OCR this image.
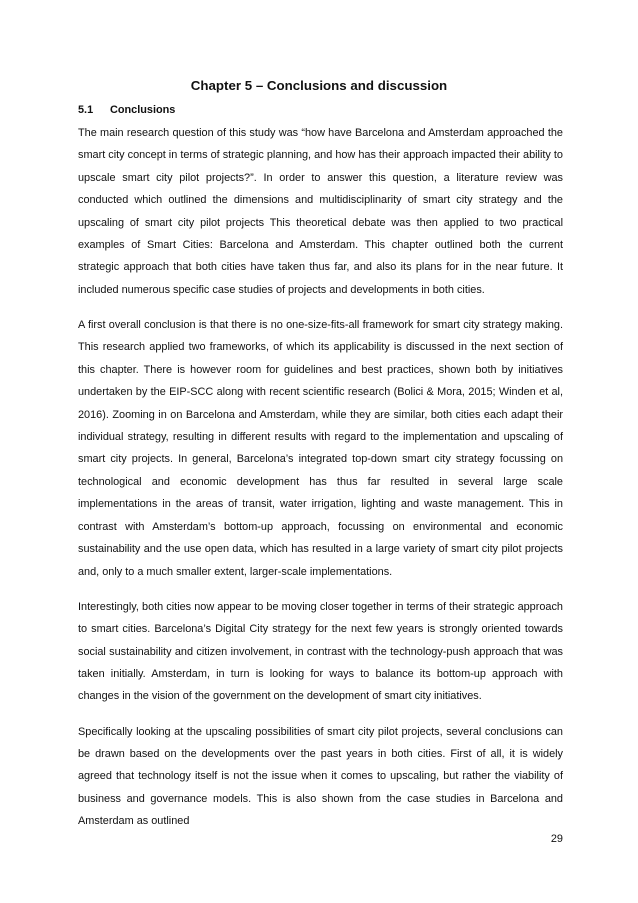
Chapter 5 – Conclusions and discussion
5.1 Conclusions

The main research question of this study was “how have Barcelona and Amsterdam approached the smart city concept in terms of strategic planning, and how has their approach impacted their ability to upscale smart city pilot projects?”. In order to answer this question, a literature review was conducted which outlined the dimensions and multidisciplinarity of smart city strategy and the upscaling of smart city pilot projects This theoretical debate was then applied to two practical examples of Smart Cities: Barcelona and Amsterdam. This chapter outlined both the current strategic approach that both cities have taken thus far, and also its plans for in the near future. It included numerous specific case studies of projects and developments in both cities.

A first overall conclusion is that there is no one-size-fits-all framework for smart city strategy making. This research applied two frameworks, of which its applicability is discussed in the next section of this chapter. There is however room for guidelines and best practices, shown both by initiatives undertaken by the EIP-SCC along with recent scientific research (Bolici & Mora, 2015; Winden et al, 2016). Zooming in on Barcelona and Amsterdam, while they are similar, both cities each adapt their individual strategy, resulting in different results with regard to the implementation and upscaling of smart city projects. In general, Barcelona’s integrated top-down smart city strategy focussing on technological and economic development has thus far resulted in several large scale implementations in the areas of transit, water irrigation, lighting and waste management. This in contrast with Amsterdam’s bottom-up approach, focussing on environmental and economic sustainability and the use open data, which has resulted in a large variety of smart city pilot projects and, only to a much smaller extent, larger-scale implementations.

Interestingly, both cities now appear to be moving closer together in terms of their strategic approach to smart cities. Barcelona’s Digital City strategy for the next few years is strongly oriented towards social sustainability and citizen involvement, in contrast with the technology-push approach that was taken initially. Amsterdam, in turn is looking for ways to balance its bottom-up approach with changes in the vision of the government on the development of smart city initiatives.

Specifically looking at the upscaling possibilities of smart city pilot projects, several conclusions can be drawn based on the developments over the past years in both cities. First of all, it is widely agreed that technology itself is not the issue when it comes to upscaling, but rather the viability of business and governance models. This is also shown from the case studies in Barcelona and Amsterdam as outlined

29
